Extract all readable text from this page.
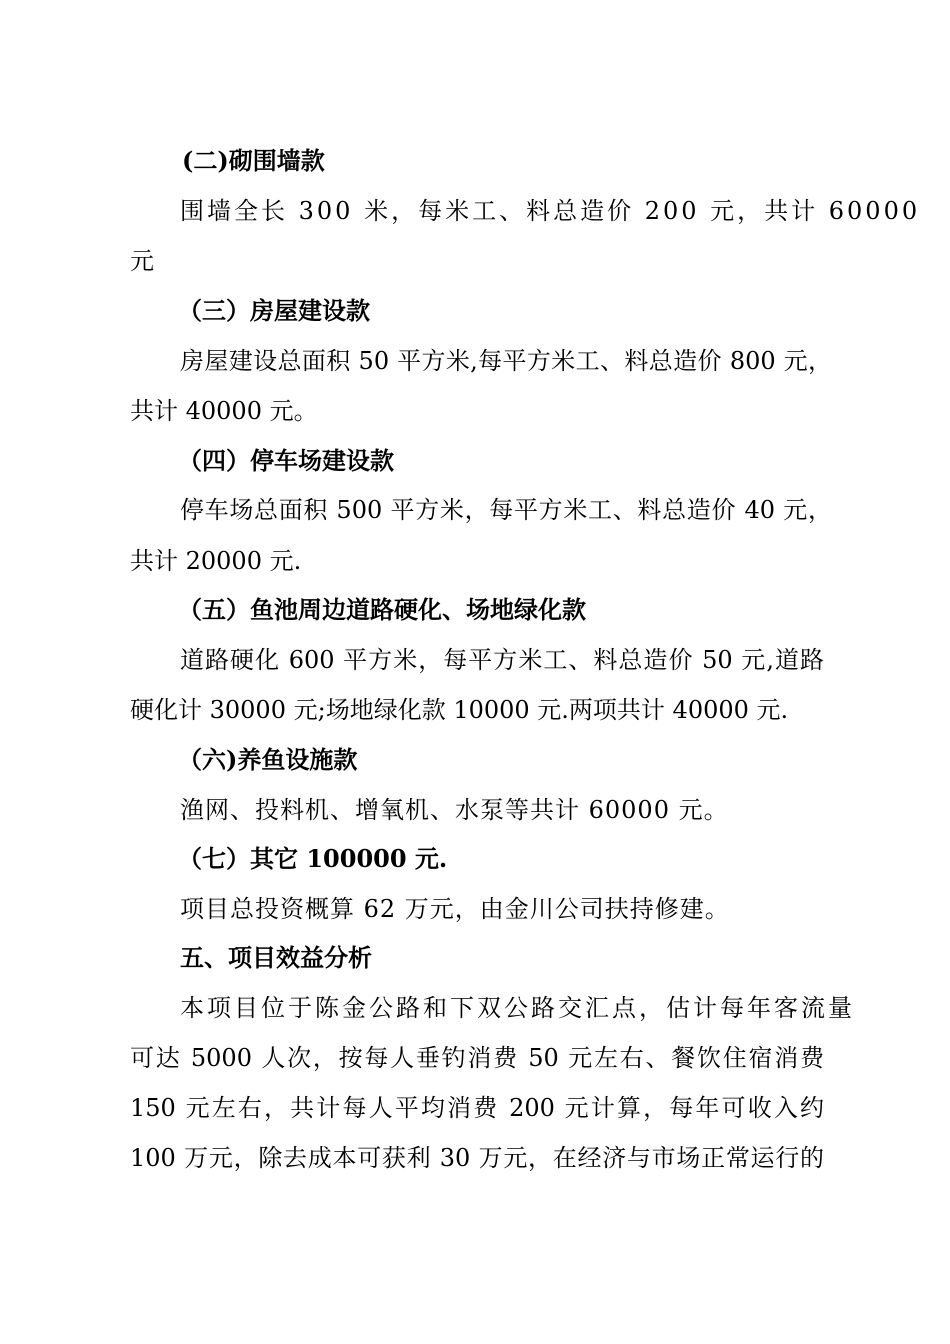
(二)砌围墙款
围墙全长 300 米，每米工、料总造价 200 元，共计 60000
元
（三）房屋建设款
房屋建设总面积 50 平方米,每平方米工、料总造价 800 元，
共计 40000 元。
（四）停车场建设款
停车场总面积 500 平方米，每平方米工、料总造价 40 元，
共计 20000 元.
（五）鱼池周边道路硬化、场地绿化款
道路硬化 600 平方米，每平方米工、料总造价 50 元,道路
硬化计 30000 元;场地绿化款 10000 元.两项共计 40000 元.
（六)养鱼设施款
渔网、投料机、增氧机、水泵等共计 60000 元。
（七）其它 100000 元.
项目总投资概算 62 万元，由金川公司扶持修建。
五、项目效益分析
本项目位于陈金公路和下双公路交汇点，估计每年客流量
可达 5000 人次，按每人垂钓消费 50 元左右、餐饮住宿消费
150 元左右，共计每人平均消费 200 元计算，每年可收入约
100 万元，除去成本可获利 30 万元，在经济与市场正常运行的
